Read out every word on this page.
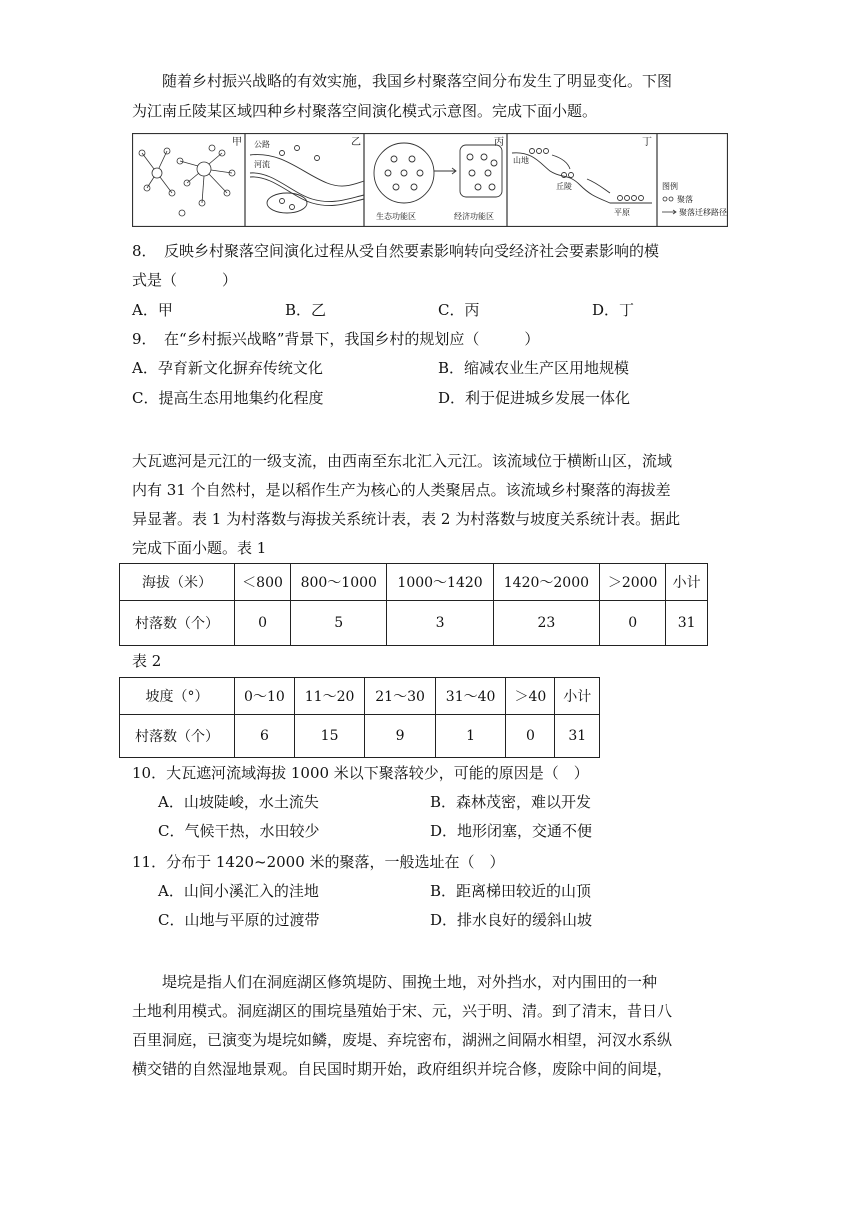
随着乡村振兴战略的有效实施，我国乡村聚落空间分布发生了明显变化。下图

为江南丘陵某区域四种乡村聚落空间演化模式示意图。完成下面小题。

甲 公路
河流
乙
生态功能区	经济功能区
丙
山地
丘陵
平原
丁
图例
聚落
聚落迁移路径

8．　反映乡村聚落空间演化过程从受自然要素影响转向受经济社会要素影响的模

式是（　　　）

A．甲	B．乙	C．丙	D．丁

9．　在“乡村振兴战略”背景下，我国乡村的规划应（　　　）

A．孕育新文化摒弃传统文化	B．缩减农业生产区用地规模

C．提高生态用地集约化程度	D．利于促进城乡发展一体化

大瓦遮河是元江的一级支流，由西南至东北汇入元江。该流域位于横断山区，流域

内有 31 个自然村，是以稻作生产为核心的人类聚居点。该流域乡村聚落的海拔差

异显著。表 1 为村落数与海拔关系统计表，表 2 为村落数与坡度关系统计表。据此

完成下面小题。表 1

海拔（米）	＜800	800～1000	1000～1420	1420～2000	＞2000	小计
村落数（个）	0	5	3	23	0	31

表 2

坡度（°）	0～10	11～20	21～30	31～40	＞40	小计
村落数（个）	6	15	9	1	0	31

10．大瓦遮河流域海拔 1000 米以下聚落较少，可能的原因是（　）

A．山坡陡峻，水土流失	B．森林茂密，难以开发

C．气候干热，水田较少	D．地形闭塞，交通不便

11．分布于 1420~2000 米的聚落，一般选址在（　）

A．山间小溪汇入的洼地	B．距离梯田较近的山顶

C．山地与平原的过渡带	D．排水良好的缓斜山坡

堤垸是指人们在洞庭湖区修筑堤防、围挽土地，对外挡水，对内围田的一种

土地利用模式。洞庭湖区的围垸垦殖始于宋、元，兴于明、清。到了清末，昔日八

百里洞庭，已演变为堤垸如鳞，废堤、弃垸密布，湖洲之间隔水相望，河汊水系纵

横交错的自然湿地景观。自民国时期开始，政府组织并垸合修，废除中间的间堤，
